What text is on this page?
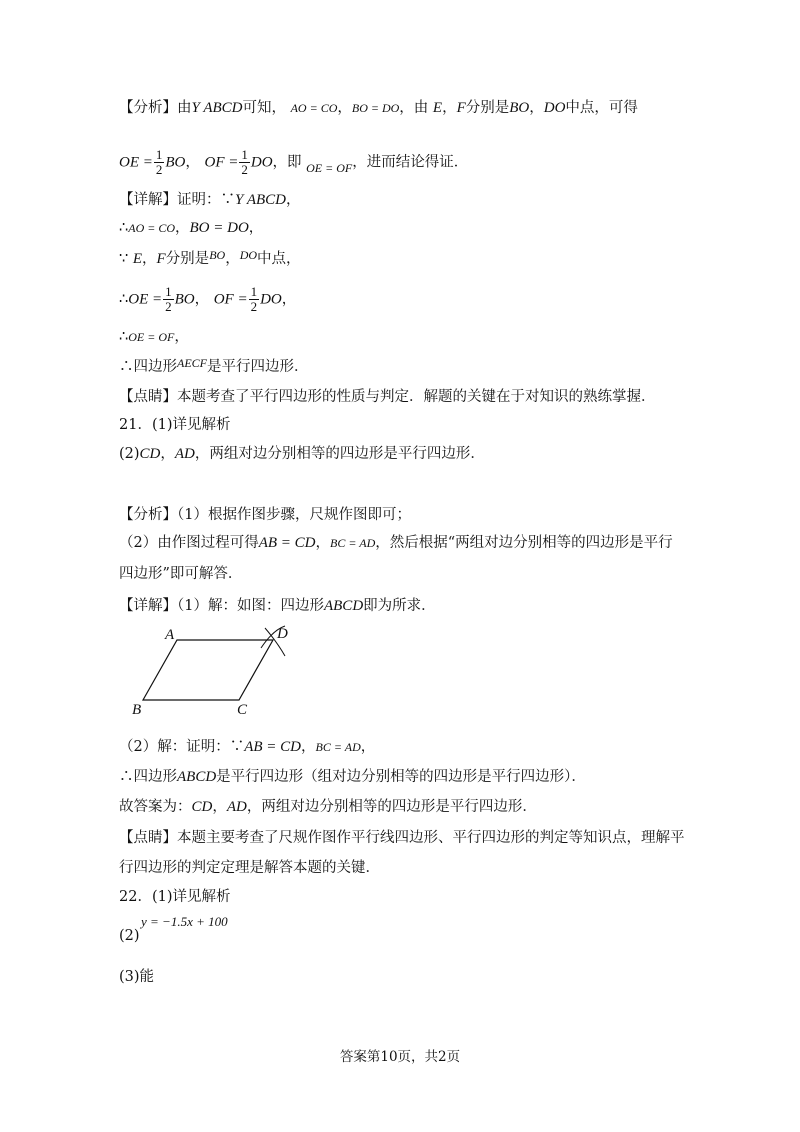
【分析】由Y ABCD可知， AO = CO，BO = DO，由 E，F分别是BO，DO中点，可得
OE = $\frac{1}{2}$ BO， OF = $\frac{1}{2}$ DO，即 $_{OE = OF}$，进而结论得证．
【详解】证明：∵Y ABCD，
∴AO = CO，BO = DO，
∵ E，F分别是$^{BO}$，$^{DO}$中点，
∴OE = $\frac{1}{2}$ BO， OF = $\frac{1}{2}$ DO，
∴OE = OF，
∴四边形$^{AECF}$是平行四边形．
【点睛】本题考查了平行四边形的性质与判定．解题的关键在于对知识的熟练掌握．
21．(1)详见解析
(2)CD，AD，两组对边分别相等的四边形是平行四边形．
【分析】（1）根据作图步骤，尺规作图即可；
（2）由作图过程可得AB = CD，BC = AD，然后根据“两组对边分别相等的四边形是平行
四边形”即可解答．
【详解】（1）解：如图：四边形ABCD即为所求．
A	D
B	C
（2）解：证明：∵AB = CD，BC = AD，
∴四边形ABCD是平行四边形（组对边分别相等的四边形是平行四边形）．
故答案为：CD，AD，两组对边分别相等的四边形是平行四边形．
【点睛】本题主要考查了尺规作图作平行线四边形、平行四边形的判定等知识点，理解平
行四边形的判定定理是解答本题的关键．
22．(1)详见解析
(2)
y = −1.5x + 100
(3)能
答案第10页，共2页
